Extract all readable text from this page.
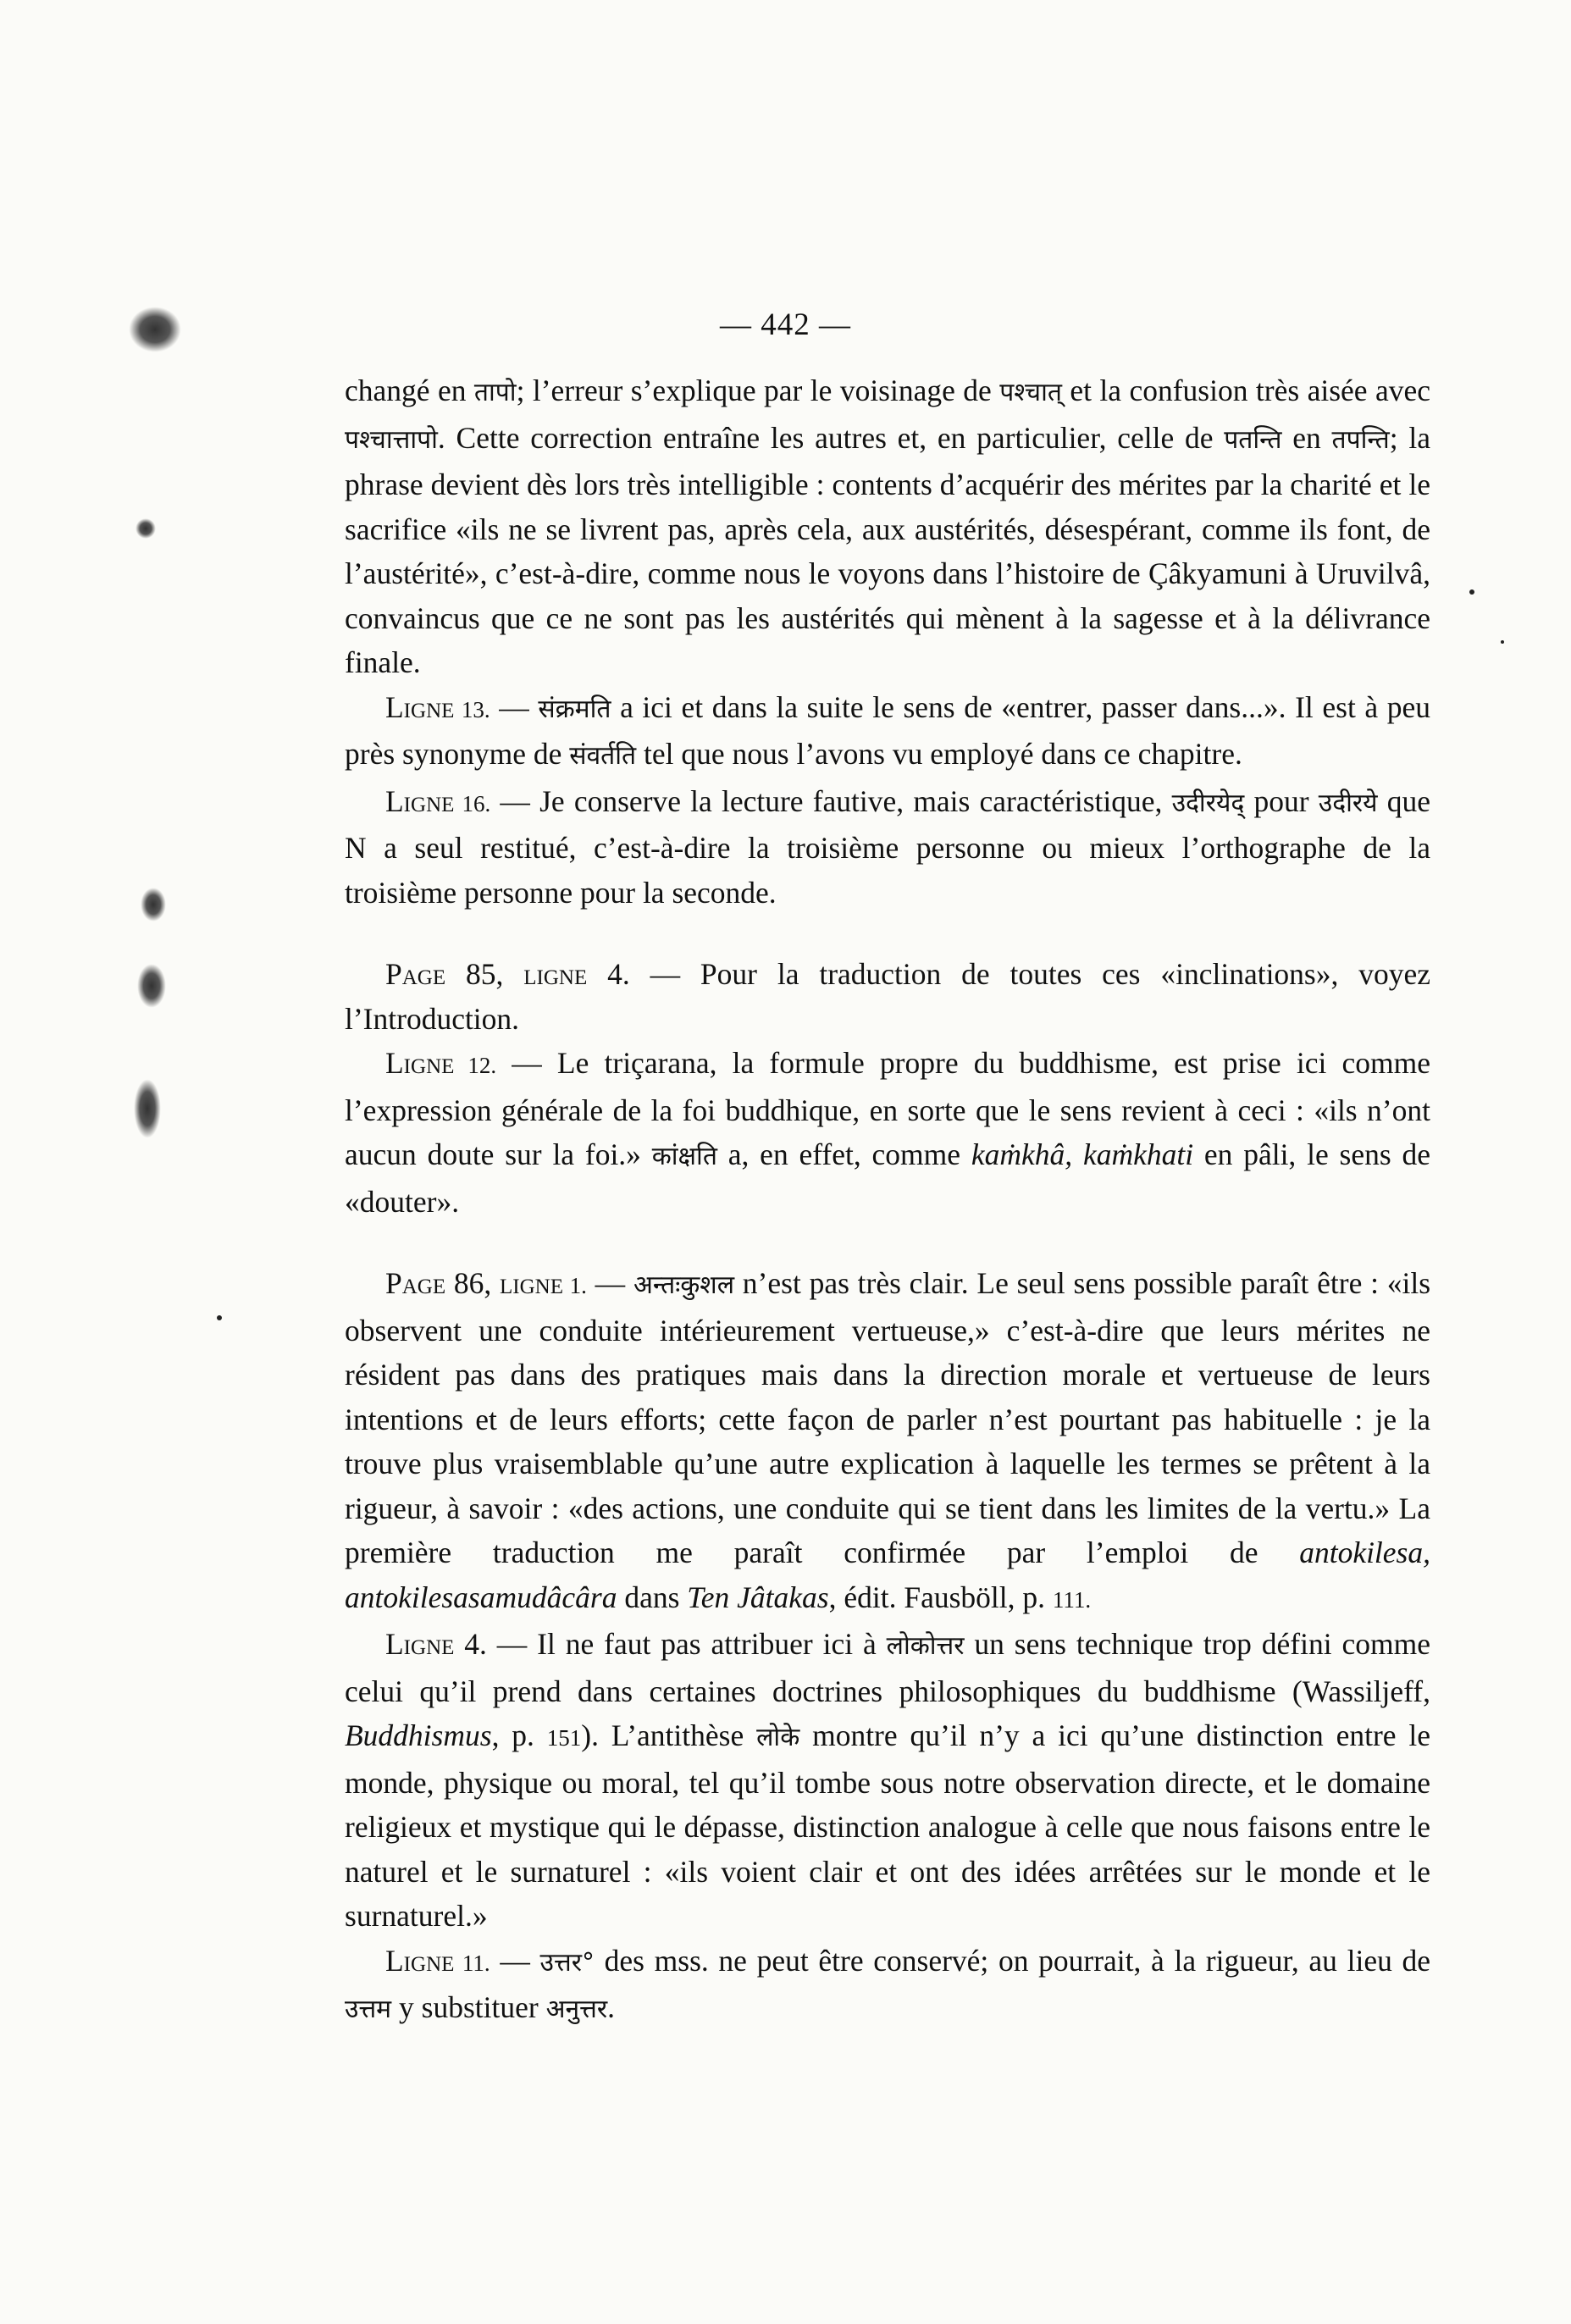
— 442 —

changé en तापो; l’erreur s’explique par le voisinage de पश्चात् et la confusion très aisée avec पश्चात्तापो. Cette correction entraîne les autres et, en particulier, celle de पतन्ति en तपन्ति; la phrase devient dès lors très intelligible : contents d’acquérir des mérites par la charité et le sacrifice «ils ne se livrent pas, après cela, aux austérités, désespérant, comme ils font, de l’austérité», c’est-à-dire, comme nous le voyons dans l’histoire de Çâkyamuni à Uruvilvâ, convaincus que ce ne sont pas les austérités qui mènent à la sagesse et à la délivrance finale.

Ligne 13. — संक्रमति a ici et dans la suite le sens de «entrer, passer dans...». Il est à peu près synonyme de संवर्तति tel que nous l’avons vu employé dans ce chapitre.

Ligne 16. — Je conserve la lecture fautive, mais caractéristique, उदीरयेद् pour उदीरये que N a seul restitué, c’est-à-dire la troisième personne ou mieux l’orthographe de la troisième personne pour la seconde.

Page 85, ligne 4. — Pour la traduction de toutes ces «inclinations», voyez l’Introduction.

Ligne 12. — Le triçarana, la formule propre du buddhisme, est prise ici comme l’expression générale de la foi buddhique, en sorte que le sens revient à ceci : «ils n’ont aucun doute sur la foi.» कांक्षति a, en effet, comme kaṁkhâ, kaṁkhati en pâli, le sens de «douter».

Page 86, ligne 1. — अन्तःकुशल n’est pas très clair. Le seul sens possible paraît être : «ils observent une conduite intérieurement vertueuse,» c’est-à-dire que leurs mérites ne résident pas dans des pratiques mais dans la direction morale et vertueuse de leurs intentions et de leurs efforts; cette façon de parler n’est pourtant pas habituelle : je la trouve plus vraisemblable qu’une autre explication à laquelle les termes se prêtent à la rigueur, à savoir : «des actions, une conduite qui se tient dans les limites de la vertu.» La première traduction me paraît confirmée par l’emploi de antokilesa, antokilesasamudâcâra dans Ten Jâtakas, édit. Fausböll, p. 111.

Ligne 4. — Il ne faut pas attribuer ici à लोकोत्तर un sens technique trop défini comme celui qu’il prend dans certaines doctrines philosophiques du buddhisme (Wassiljeff, Buddhismus, p. 151). L’antithèse लोके montre qu’il n’y a ici qu’une distinction entre le monde, physique ou moral, tel qu’il tombe sous notre observation directe, et le domaine religieux et mystique qui le dépasse, distinction analogue à celle que nous faisons entre le naturel et le surnaturel : «ils voient clair et ont des idées arrêtées sur le monde et le surnaturel.»

Ligne 11. — उत्तर° des mss. ne peut être conservé; on pourrait, à la rigueur, au lieu de उत्तम y substituer अनुत्तर.
